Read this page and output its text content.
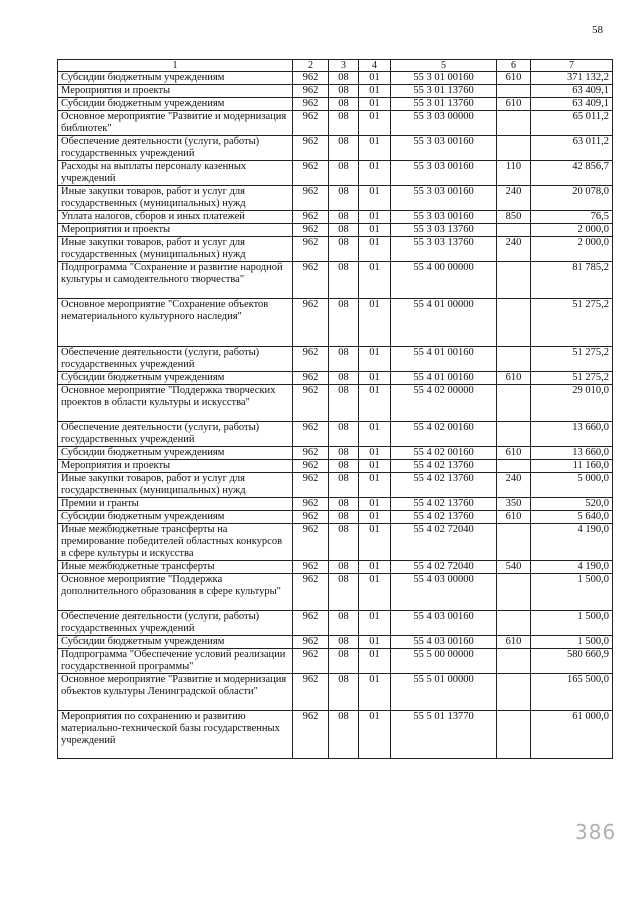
58
1	2	3	4	5	6	7
Субсидии бюджетным учреждениям	962	08	01	55 3 01 00160	610	371 132,2
Мероприятия и проекты	962	08	01	55 3 01 13760		63 409,1
Субсидии бюджетным учреждениям	962	08	01	55 3 01 13760	610	63 409,1
Основное мероприятие "Развитие и модернизация библиотек"	962	08	01	55 3 03 00000		65 011,2
Обеспечение деятельности (услуги, работы) государственных учреждений	962	08	01	55 3 03 00160		63 011,2
Расходы на выплаты персоналу казенных учреждений	962	08	01	55 3 03 00160	110	42 856,7
Иные закупки товаров, работ и услуг для государственных (муниципальных) нужд	962	08	01	55 3 03 00160	240	20 078,0
Уплата налогов, сборов и иных платежей	962	08	01	55 3 03 00160	850	76,5
Мероприятия и проекты	962	08	01	55 3 03 13760		2 000,0
Иные закупки товаров, работ и услуг для государственных (муниципальных) нужд	962	08	01	55 3 03 13760	240	2 000,0
Подпрограмма "Сохранение и развитие народной культуры и самодеятельного творчества"	962	08	01	55 4 00 00000		81 785,2
Основное мероприятие "Сохранение объектов нематериального культурного наследия"	962	08	01	55 4 01 00000		51 275,2
Обеспечение деятельности (услуги, работы) государственных учреждений	962	08	01	55 4 01 00160		51 275,2
Субсидии бюджетным учреждениям	962	08	01	55 4 01 00160	610	51 275,2
Основное мероприятие "Поддержка творческих проектов в области культуры и искусства"	962	08	01	55 4 02 00000		29 010,0
Обеспечение деятельности (услуги, работы) государственных учреждений	962	08	01	55 4 02 00160		13 660,0
Субсидии бюджетным учреждениям	962	08	01	55 4 02 00160	610	13 660,0
Мероприятия и проекты	962	08	01	55 4 02 13760		11 160,0
Иные закупки товаров, работ и услуг для государственных (муниципальных) нужд	962	08	01	55 4 02 13760	240	5 000,0
Премии и гранты	962	08	01	55 4 02 13760	350	520,0
Субсидии бюджетным учреждениям	962	08	01	55 4 02 13760	610	5 640,0
Иные межбюджетные трансферты на премирование победителей областных конкурсов в сфере культуры и искусства	962	08	01	55 4 02 72040		4 190,0
Иные межбюджетные трансферты	962	08	01	55 4 02 72040	540	4 190,0
Основное мероприятие "Поддержка дополнительного образования в сфере культуры"	962	08	01	55 4 03 00000		1 500,0
Обеспечение деятельности (услуги, работы) государственных учреждений	962	08	01	55 4 03 00160		1 500,0
Субсидии бюджетным учреждениям	962	08	01	55 4 03 00160	610	1 500,0
Подпрограмма "Обеспечение условий реализации государственной программы"	962	08	01	55 5 00 00000		580 660,9
Основное мероприятие "Развитие и модернизация объектов культуры Ленинградской области"	962	08	01	55 5 01 00000		165 500,0
Мероприятия по сохранению и развитию материально-технической базы государственных учреждений	962	08	01	55 5 01 13770		61 000,0
386
